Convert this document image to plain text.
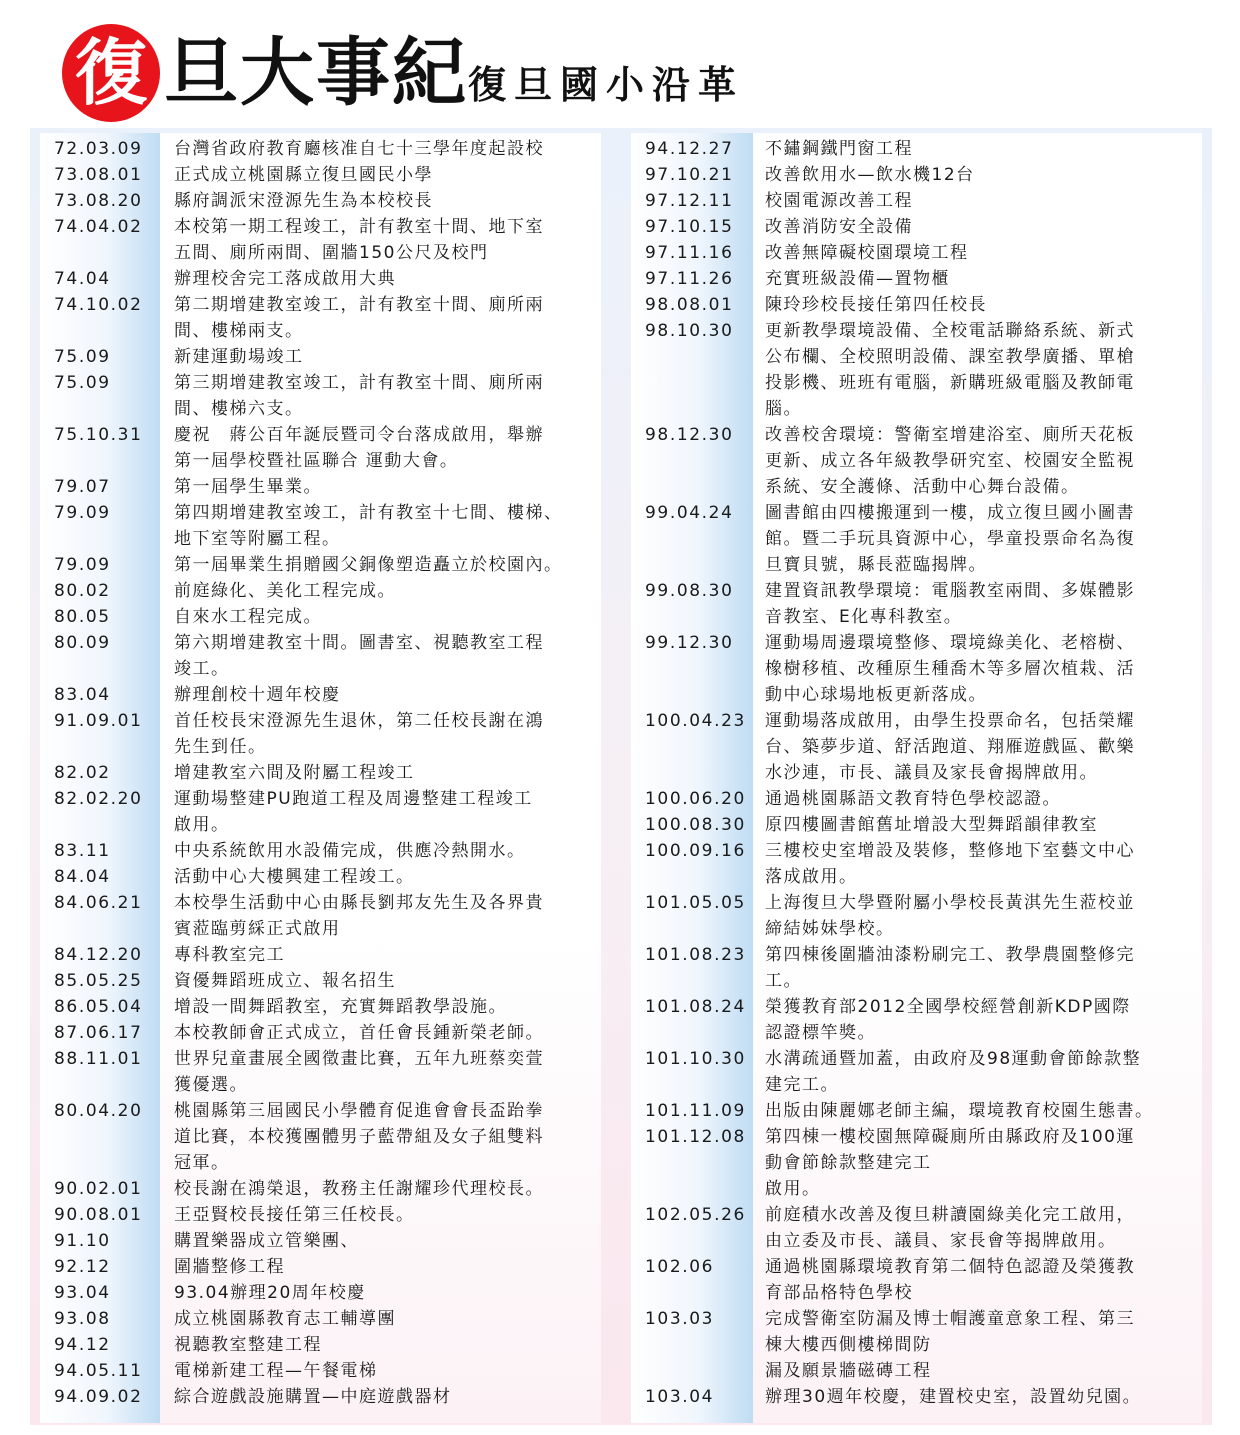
復 旦大事紀 復旦國小沿革
72.03.09 台灣省政府教育廳核准自七十三學年度起設校
73.08.01 正式成立桃園縣立復旦國民小學
73.08.20 縣府調派宋澄源先生為本校校長
74.04.02 本校第一期工程竣工，計有教室十間、地下室
五間、廁所兩間、圍牆150公尺及校門
74.04	辦理校舍完工落成啟用大典
74.10.02 第二期增建教室竣工，計有教室十間、廁所兩
間、樓梯兩支。
75.09	新建運動場竣工
75.09	第三期增建教室竣工，計有教室十間、廁所兩
間、樓梯六支。
75.10.31 慶祝　蔣公百年誕辰暨司令台落成啟用，舉辦
第一屆學校暨社區聯合 運動大會。
79.07	第一屆學生畢業。
79.09	第四期增建教室竣工，計有教室十七間、樓梯、
地下室等附屬工程。
79.09	第一屆畢業生捐贈國父銅像塑造矗立於校園內。
80.02	前庭綠化、美化工程完成。
80.05	自來水工程完成。
80.09	第六期增建教室十間。圖書室、視聽教室工程
竣工。
83.04	辦理創校十週年校慶
91.09.01 首任校長宋澄源先生退休，第二任校長謝在鴻
先生到任。
82.02	增建教室六間及附屬工程竣工
82.02.20 運動場整建PU跑道工程及周邊整建工程竣工
啟用。
83.11	中央系統飲用水設備完成，供應冷熱開水。
84.04	活動中心大樓興建工程竣工。
84.06.21 本校學生活動中心由縣長劉邦友先生及各界貴
賓蒞臨剪綵正式啟用
84.12.20 專科教室完工
85.05.25 資優舞蹈班成立、報名招生
86.05.04 增設一間舞蹈教室，充實舞蹈教學設施。
87.06.17 本校教師會正式成立，首任會長鍾新榮老師。
88.11.01 世界兒童畫展全國徵畫比賽，五年九班蔡奕萱
獲優選。
80.04.20 桃園縣第三屆國民小學體育促進會會長盃跆拳
道比賽，本校獲團體男子藍帶組及女子組雙料
冠軍。
90.02.01 校長謝在鴻榮退，教務主任謝耀珍代理校長。
90.08.01 王亞賢校長接任第三任校長。
91.10	購置樂器成立管樂團、
92.12	圍牆整修工程
93.04	93.04辦理20周年校慶
93.08	成立桃園縣教育志工輔導團
94.12	視聽教室整建工程
94.05.11 電梯新建工程—午餐電梯
94.09.02 綜合遊戲設施購置—中庭遊戲器材
94.12.27 不鏽鋼鐵門窗工程
97.10.21 改善飲用水—飲水機12台
97.12.11 校園電源改善工程
97.10.15 改善消防安全設備
97.11.16 改善無障礙校園環境工程
97.11.26 充實班級設備—置物櫃
98.08.01 陳玲珍校長接任第四任校長
98.10.30 更新教學環境設備、全校電話聯絡系統、新式
公布欄、全校照明設備、課室教學廣播、單槍
投影機、班班有電腦，新購班級電腦及教師電
腦。
98.12.30 改善校舍環境：警衛室增建浴室、廁所天花板
更新、成立各年級教學研究室、校園安全監視
系統、安全護條、活動中心舞台設備。
99.04.24 圖書館由四樓搬運到一樓，成立復旦國小圖書
館。暨二手玩具資源中心，學童投票命名為復
旦寶貝號，縣長蒞臨揭牌。
99.08.30 建置資訊教學環境：電腦教室兩間、多媒體影
音教室、E化專科教室。
99.12.30 運動場周邊環境整修、環境綠美化、老榕樹、
橡樹移植、改種原生種喬木等多層次植栽、活
動中心球場地板更新落成。
100.04.23 運動場落成啟用，由學生投票命名，包括榮耀
台、築夢步道、舒活跑道、翔雁遊戲區、歡樂
水沙連，市長、議員及家長會揭牌啟用。
100.06.20 通過桃園縣語文教育特色學校認證。
100.08.30 原四樓圖書館舊址增設大型舞蹈韻律教室
100.09.16 三樓校史室增設及裝修，整修地下室藝文中心
落成啟用。
101.05.05 上海復旦大學暨附屬小學校長黃淇先生蒞校並
締結姊妹學校。
101.08.23 第四棟後圍牆油漆粉刷完工、教學農園整修完
工。
101.08.24 榮獲教育部2012全國學校經營創新KDP國際
認證標竿獎。
101.10.30 水溝疏通暨加蓋，由政府及98運動會節餘款整
建完工。
101.11.09 出版由陳麗娜老師主編，環境教育校園生態書。
101.12.08 第四棟一樓校園無障礙廁所由縣政府及100運
動會節餘款整建完工
啟用。
102.05.26 前庭積水改善及復旦耕讀園綠美化完工啟用，
由立委及市長、議員、家長會等揭牌啟用。
102.06	通過桃園縣環境教育第二個特色認證及榮獲教
育部品格特色學校
103.03	完成警衛室防漏及博士帽護童意象工程、第三
棟大樓西側樓梯間防
漏及願景牆磁磚工程
103.04	辦理30週年校慶，建置校史室，設置幼兒園。
